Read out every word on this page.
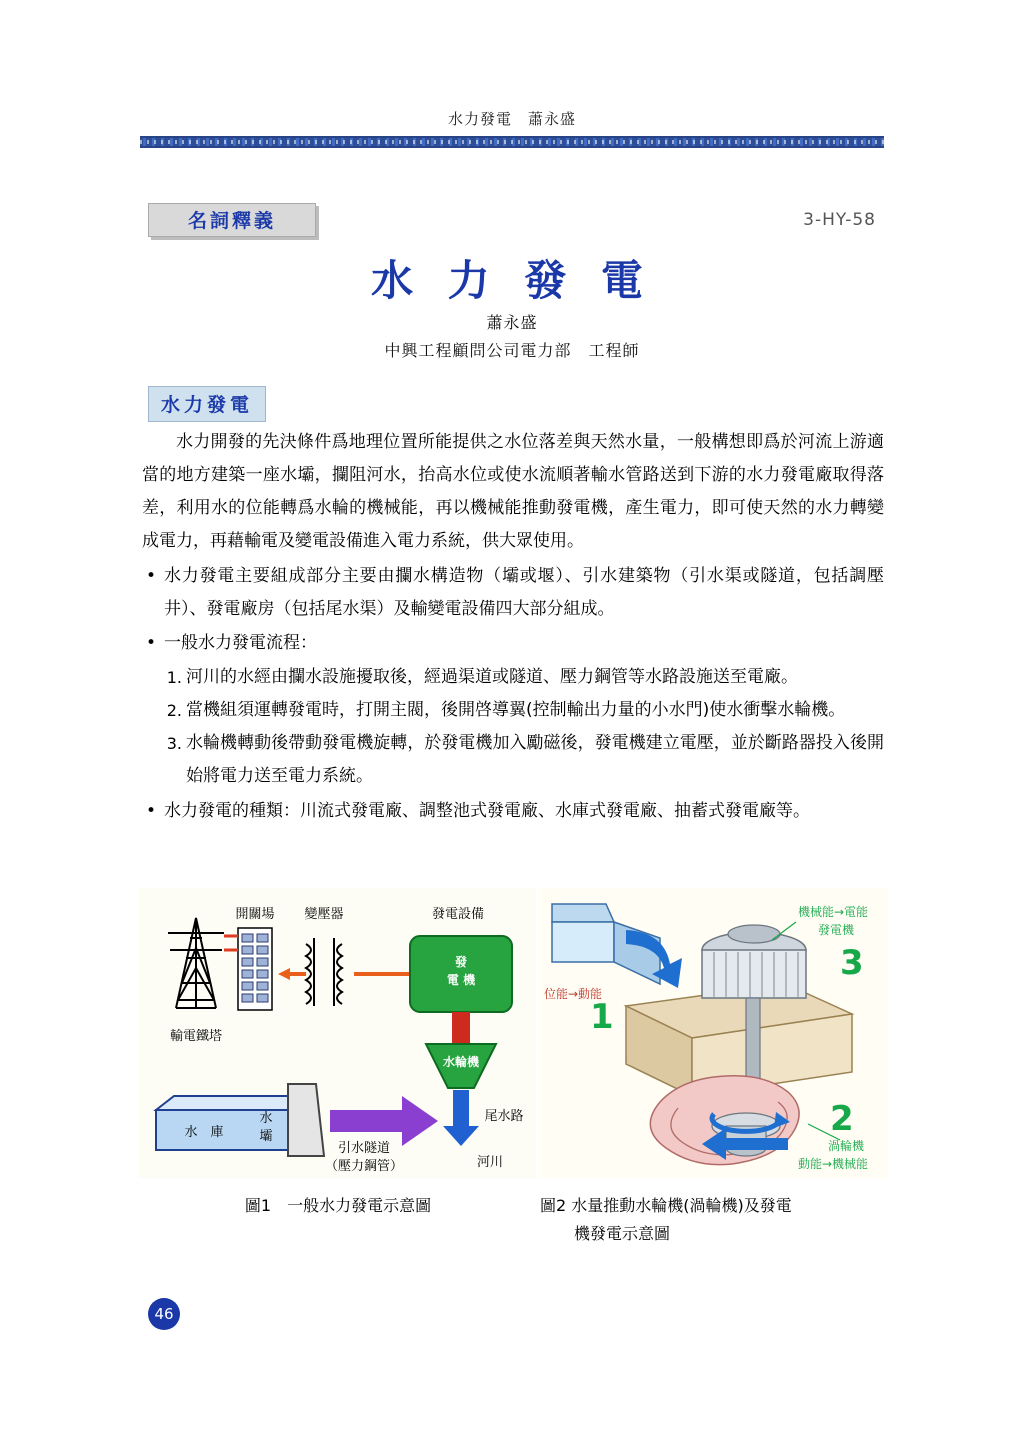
水力發電　蕭永盛
名詞釋義	3-HY-58
水 力 發 電
蕭永盛
中興工程顧問公司電力部　工程師
水力發電

水力開發的先決條件爲地理位置所能提供之水位落差與天然水量，一般構想即爲於河流上游適當的地方建築一座水壩，攔阻河水，抬高水位或使水流順著輸水管路送到下游的水力發電廠取得落差，利用水的位能轉爲水輪的機械能，再以機械能推動發電機，產生電力，即可使天然的水力轉變成電力，再藉輸電及變電設備進入電力系統，供大眾使用。

• 水力發電主要組成部分主要由攔水構造物（壩或堰）、引水建築物（引水渠或隧道，包括調壓井）、發電廠房（包括尾水渠）及輸變電設備四大部分組成。
• 一般水力發電流程：
1. 河川的水經由攔水設施擾取後，經過渠道或隧道、壓力鋼管等水路設施送至電廠。
2. 當機組須運轉發電時，打開主閥，後開啓導翼(控制輸出力量的小水門)使水衝擊水輪機。
3. 水輪機轉動後帶動發電機旋轉，於發電機加入勵磁後，發電機建立電壓，並於斷路器投入後開始將電力送至電力系統。
• 水力發電的種類：川流式發電廠、調整池式發電廠、水庫式發電廠、抽蓄式發電廠等。
發
電 機
水輪機
開關場 變壓器	發電設備
輸電鐵塔
水
壩
水　庫
引水隧道
（壓力鋼管）
尾水路
河川
1
2
3
位能→動能
機械能→電能
發電機
渦輪機
動能→機械能
圖1　一般水力發電示意圖	圖2 水量推動水輪機(渦輪機)及發電
機發電示意圖
46
